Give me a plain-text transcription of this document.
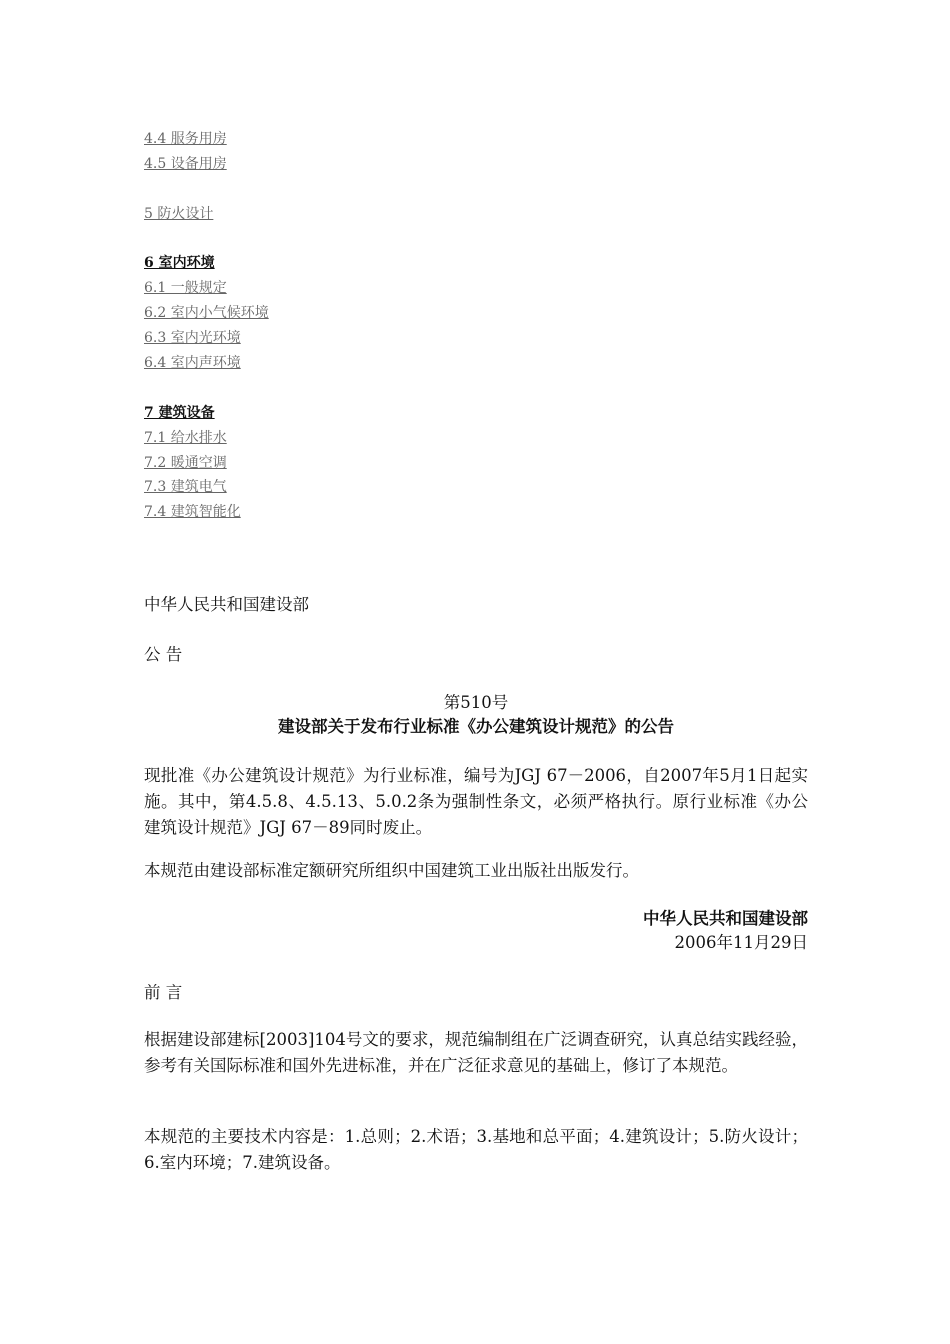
4.4 服务用房
4.5 设备用房
5 防火设计
6 室内环境
6.1 一般规定
6.2 室内小气候环境
6.3 室内光环境
6.4 室内声环境
7 建筑设备
7.1 给水排水
7.2 暖通空调
7.3 建筑电气
7.4 建筑智能化

中华人民共和国建设部

公 告

第510号

建设部关于发布行业标准《办公建筑设计规范》的公告

现批准《办公建筑设计规范》为行业标准，编号为JGJ 67－2006，自2007年5月1日起实施。其中，第4.5.8、4.5.13、5.0.2条为强制性条文，必须严格执行。原行业标准《办公建筑设计规范》JGJ 67－89同时废止。

本规范由建设部标准定额研究所组织中国建筑工业出版社出版发行。

中华人民共和国建设部

2006年11月29日

前 言

根据建设部建标[2003]104号文的要求，规范编制组在广泛调查研究，认真总结实践经验，参考有关国际标准和国外先进标准，并在广泛征求意见的基础上，修订了本规范。

本规范的主要技术内容是：1.总则；2.术语；3.基地和总平面；4.建筑设计；5.防火设计；6.室内环境；7.建筑设备。
